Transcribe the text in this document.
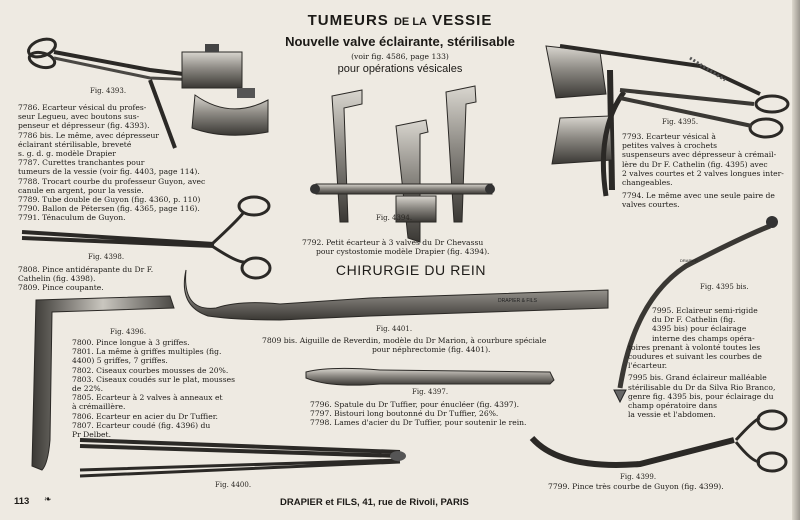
DRAPIER & FILS
DRAPIER
TUMEURS DE LA VESSIE
Nouvelle valve éclairante, stérilisable
(voir fig. 4586, page 133)
pour opérations vésicales
Fig. 4393.
Fig. 4394.
Fig. 4395.
Fig. 4395 bis.
Fig. 4396.
Fig. 4397.
Fig. 4398.
Fig. 4399.
Fig. 4400.
Fig. 4401.
7786. Ecarteur vésical du profes-
seur Legueu, avec boutons sus-
penseur et dépresseur (fig. 4393).
7786 bis. Le même, avec dépresseur
éclairant stérilisable, breveté
s. g. d. g. modèle Drapier
7787. Curettes tranchantes pour
tumeurs de la vessie (voir fig. 4403, page 114).
7788. Trocart courbe du professeur Guyon, avec
canule en argent, pour la vessie.
7789. Tube double de Guyon (fig. 4360, p. 110)
7790. Ballon de Pétersen (fig. 4365, page 116).
7791. Ténaculum de Guyon.
7792. Petit écarteur à 3 valves du Dr Chevassu
pour cystostomie modèle Drapier (fig. 4394).
7793. Ecarteur vésical à
petites valves à crochets
suspenseurs avec dépresseur à crémail-
lère du Dr F. Cathelin (fig. 4395) avec
2 valves courtes et 2 valves longues inter-
changeables.
7794. Le même avec une seule paire de
valves courtes.
7808. Pince antidérapante du Dr F.
Cathelin (fig. 4398).
7809. Pince coupante.
CHIRURGIE DU REIN
7809 bis. Aiguille de Reverdin, modèle du Dr Marion, à courbure spéciale
pour néphrectomie (fig. 4401).
7800. Pince longue à 3 griffes.
7801. La même à griffes multiples (fig.
4400) 5 griffes, 7 griffes.
7802. Ciseaux courbes mousses de 20%.
7803. Ciseaux coudés sur le plat, mousses
de 22%.
7805. Ecarteur à 2 valves à anneaux et
à crémaillère.
7806. Ecarteur en acier du Dr Tuffier.
7807. Ecarteur coudé (fig. 4396) du
Pr Delbet.
7995. Eclaireur semi-rigide
du Dr F. Cathelin (fig.
4395 bis) pour éclairage
interne des champs opéra-
toires prenant à volonté toutes les
coudures et suivant les courbes de
l'écarteur.
7995 bis. Grand éclaireur malléable
stérilisable du Dr da Silva Rio Branco,
genre fig. 4395 bis, pour éclairage du
champ opératoire dans
la vessie et l'abdomen.
7796. Spatule du Dr Tuffier, pour énucléer (fig. 4397).
7797. Bistouri long boutonné du Dr Tuffier, 26%.
7798. Lames d'acier du Dr Tuffier, pour soutenir le rein.
7799. Pince très courbe de Guyon (fig. 4399).
113 ❧	DRAPIER et FILS, 41, rue de Rivoli, PARIS
